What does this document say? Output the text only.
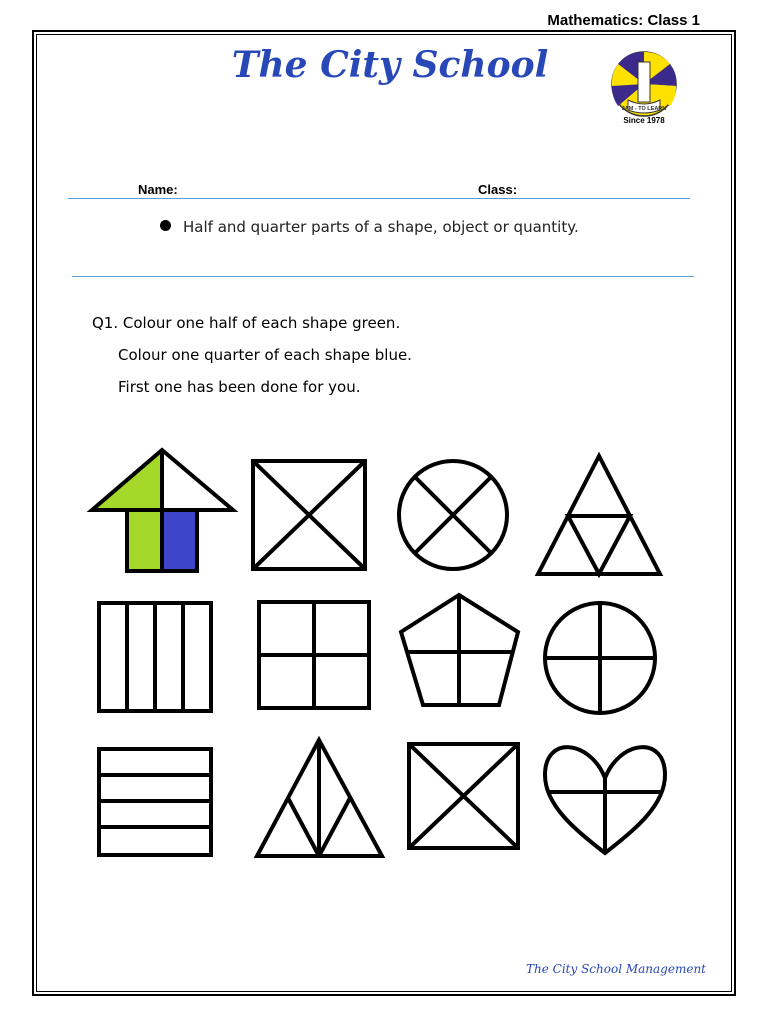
Mathematics: Class 1
The City School
JAM - TO LEARN
Since 1978
Name:	Class:
Half and quarter parts of a shape, object or quantity.
Q1. Colour one half of each shape green.
Colour one quarter of each shape blue.
First one has been done for you.
The City School Management
